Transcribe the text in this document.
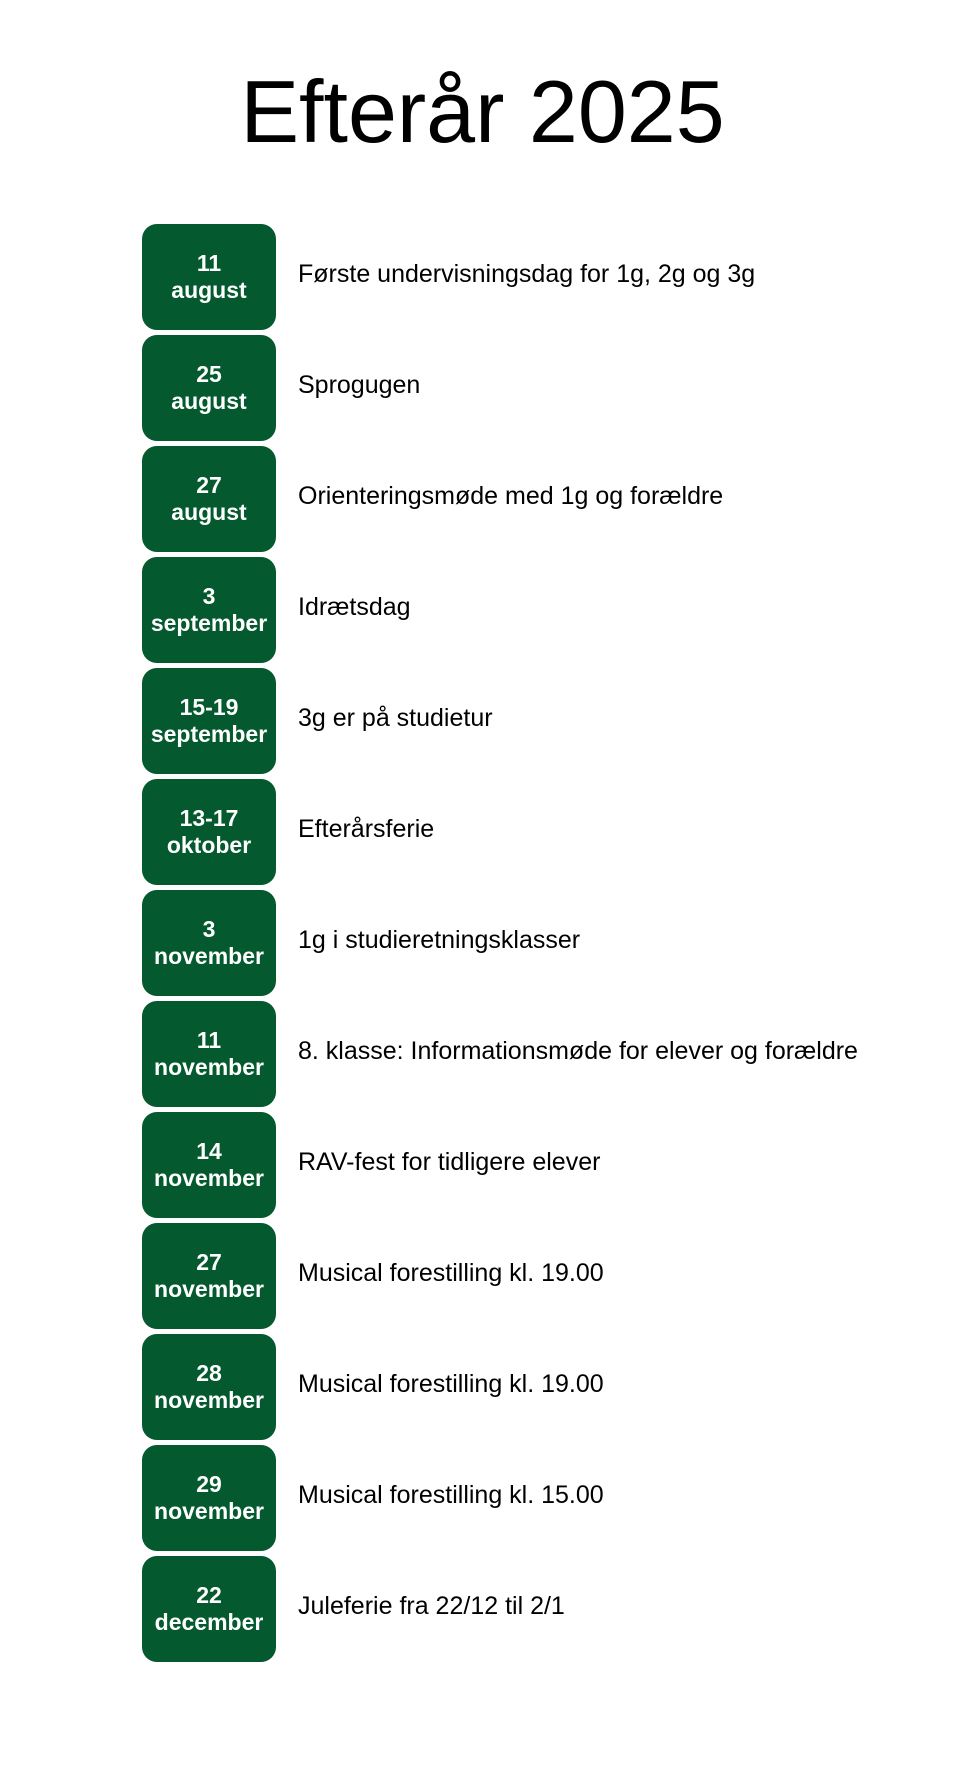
Efterår 2025
11
august
Første undervisningsdag for 1g, 2g og 3g
25
august
Sprogugen
27
august
Orienteringsmøde med 1g og forældre
3
september
Idrætsdag
15-19
september
3g er på studietur
13-17
oktober
Efterårsferie
3
november
1g i studieretningsklasser
11
november
8. klasse: Informationsmøde for elever og forældre
14
november
RAV-fest for tidligere elever
27
november
Musical forestilling kl. 19.00
28
november
Musical forestilling kl. 19.00
29
november
Musical forestilling kl. 15.00
22
december
Juleferie fra 22/12 til 2/1
